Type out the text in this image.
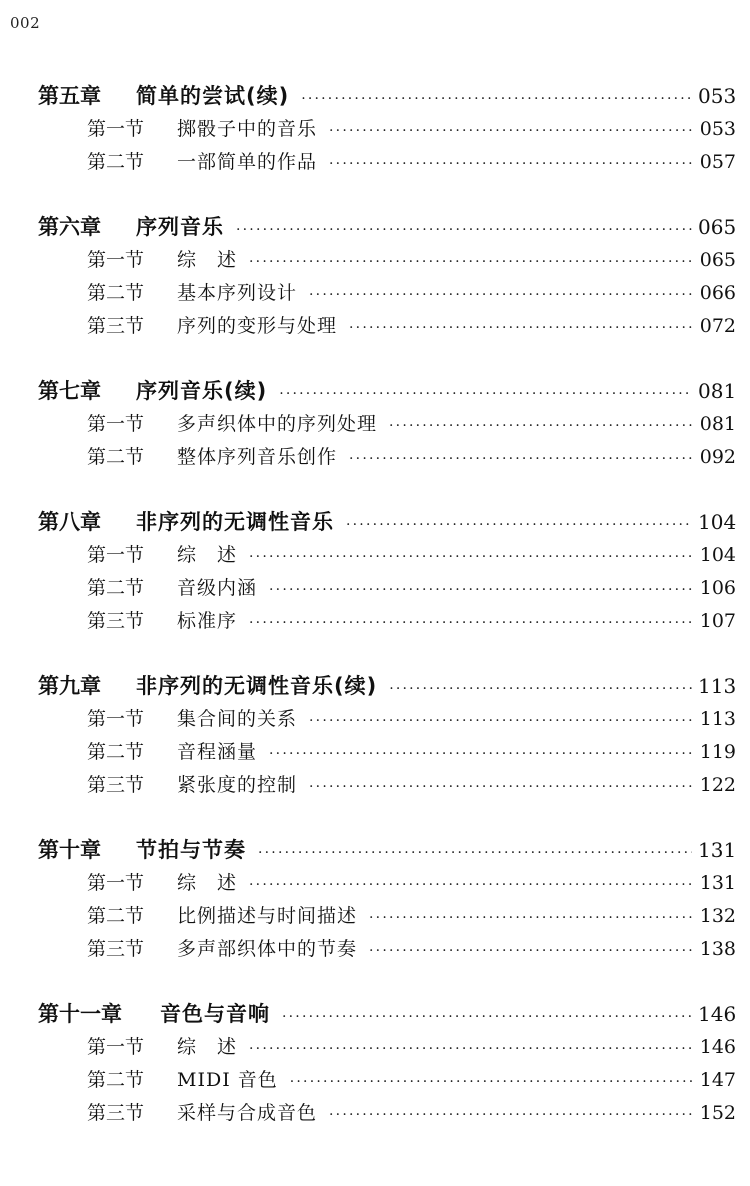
002
第五章	简单的尝试(续) ·····	053
第一节	掷骰子中的音乐 ·····	053
第二节	一部简单的作品 ·····	057
第六章	序列音乐 ·····	065
第一节	综　述 ·····	065
第二节	基本序列设计 ·····	066
第三节	序列的变形与处理 ·····	072
第七章	序列音乐(续) ·····	081
第一节	多声织体中的序列处理 ·····	081
第二节	整体序列音乐创作 ·····	092
第八章	非序列的无调性音乐 ·····	104
第一节	综　述 ·····	104
第二节	音级内涵 ·····	106
第三节	标准序 ·····	107
第九章	非序列的无调性音乐(续) ·····	113
第一节	集合间的关系 ·····	113
第二节	音程涵量 ·····	119
第三节	紧张度的控制 ·····	122
第十章	节拍与节奏 ·····	131
第一节	综　述 ·····	131
第二节	比例描述与时间描述 ·····	132
第三节	多声部织体中的节奏 ·····	138
第十一章	音色与音响 ·····	146
第一节	综　述 ·····	146
第二节	MIDI 音色 ·····	147
第三节	采样与合成音色 ·····	152
